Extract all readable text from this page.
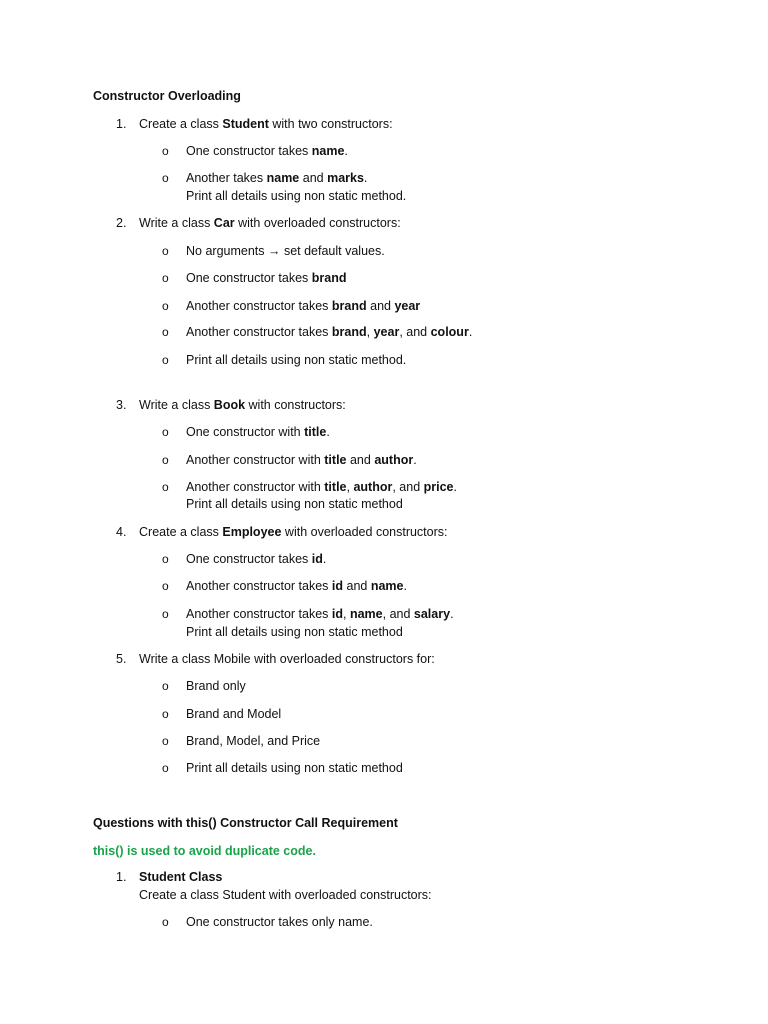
Constructor Overloading
1. Create a class Student with two constructors:
o One constructor takes name.
o Another takes name and marks.
Print all details using non static method.
2. Write a class Car with overloaded constructors:
o No arguments → set default values.
o One constructor takes brand
o Another constructor takes brand and year
o Another constructor takes brand, year, and colour.
o Print all details using non static method.
3. Write a class Book with constructors:
o One constructor with title.
o Another constructor with title and author.
o Another constructor with title, author, and price.
Print all details using non static method
4. Create a class Employee with overloaded constructors:
o One constructor takes id.
o Another constructor takes id and name.
o Another constructor takes id, name, and salary.
Print all details using non static method
5. Write a class Mobile with overloaded constructors for:
o Brand only
o Brand and Model
o Brand, Model, and Price
o Print all details using non static method
Questions with this() Constructor Call Requirement
this() is used to avoid duplicate code.
1. Student Class
Create a class Student with overloaded constructors:
o One constructor takes only name.
